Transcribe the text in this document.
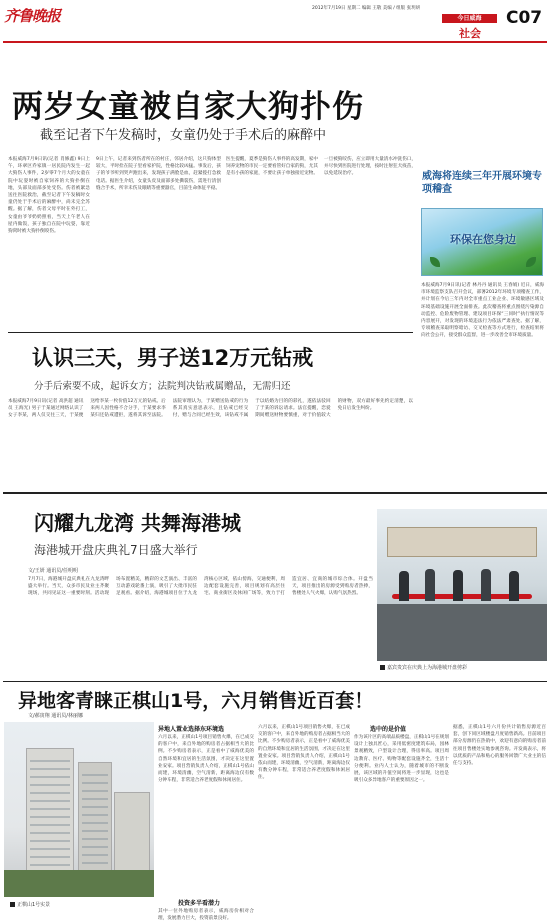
齐鲁晚报	2012年7月19日 星期二 编辑 王敬 美编 / 组版 张玥妍
今日威海
社会
C07
两岁女童被自家大狗扑伤
截至记者下午发稿时，女童仍处于手术后的麻醉中
本报威海7月9日讯(记者 肖修鑫) 9日上午，环翠区乔家镇一居民院内发生一起大狗伤人事件，2岁零7个月大的女童在院中玩耍时被自家饲养的大狗扑倒在地，头部及面部多处受伤。伤者被紧急送往医院救治，截至记者下午发稿时女童仍处于手术后的麻醉中，尚未完全苏醒。据了解，伤者父母平时在外打工，女童由爷爷奶奶照看，当天上午老人在屋内做饭，孩子独自在院中玩耍，靠近狗窝时被大狗扑倒咬伤。
9日上午，记者来到伤者所在的村庄，邻居介绍，这只狗体型较大，平时拴在院子里看家护院，性格比较凶猛。事发后，孩子的爷爷听到哭声跑出来，发现孩子满脸是血，赶紧拨打急救电话。据医生介绍，女童头皮及面部多处撕裂伤，需进行清创缝合手术，所幸未伤及眼睛等重要器官，目前生命体征平稳。
医生提醒，夏季是狗伤人事件的高发期，家中饲养宠物的市民一定要看管好自家的狗，尤其是有小孩的家庭，不要让孩子单独接近宠物。一旦被狗咬伤，应立即用大量清水冲洗伤口，并尽快到医院进行处理，按时注射狂犬疫苗，以免延误治疗。	威海将连续三年开展环境专项稽查
环保在您身边
本报威海7月9日讯(记者 林丹丹 通讯员 王春娟) 近日，威海市环境监察支队召开会议，部署2012年环境专项稽查工作，并计划在今后三年内对全市重点工业企业、环境敏感区域及环境基础设施开展全面排查。此次稽查将重点围绕污染源自动监控、危险废物管理、建设项目环保“三同时”执行情况等内容展开，对发现的环境违法行为依法严肃查处。据了解，专项稽查采取明察暗访、交叉检查等方式进行，检查结果将向社会公开，接受群众监督，进一步改善全市环境质量。
认识三天，男子送12万元钻戒
分手后索要不成，起诉女方；法院判决钻戒属赠品，无需归还
本报威海7月9日讯(记者 高洪超 通讯员 王海光) 男子于某通过网络认识了女子李某，两人仅交往三天，于某便送给李某一枚价值12万元的钻戒。后来两人因性格不合分手，于某要求李某归还钻戒遭拒，遂将其诉至法院。法院审理认为，于某赠送钻戒的行为系其真实意思表示，且钻戒已经交付，赠与合同已经生效，该钻戒不属于以结婚为目的的彩礼，遂依法驳回了于某的诉讼请求。法官提醒，恋爱期间赠送财物要慎重，对于价值较大的财物，双方最好事先约定清楚，以免日后发生纠纷。
闪耀九龙湾 共舞海港城
海港城开盘庆典礼7日盛大举行
文/王妍 通讯员/任明明
7月7日，海港城开盘庆典礼在九龙湾畔盛大举行。当天，众多市民及业主齐聚现场，共同见证这一重要时刻。活动现场布置精美，精彩的文艺演出、丰富的互动游戏轮番上演，吸引了大批市民驻足观看。据介绍，海港城项目位于九龙湾核心区域，依山傍海，交通便利，周边配套设施完善，项目规划有高层住宅、商业街区及休闲广场等，致力于打造宜居、宜商的城市综合体。开盘当天，项目推出的房源受到购房者热捧，售楼处人气火爆，认购气氛热烈。
嘉宾贵宾在庆典上为海港城开盘剪彩
异地客青睐正棋山1号，六月销售近百套！
文/郝寅翔 通讯员/林丽娜
正棋山1号实景
异地人置业选择东环境选
六月以来，正棋山1号项目销售火爆，在已成交的客户中，来自外地的购房者占据相当大的比例。不少购房者表示，正是看中了威海优美的自然环境和宜居的生活氛围，才决定在这里置业安家。项目营销负责人介绍，正棋山1号依山而建，环境清幽，空气清新，距离海边仅有数分钟车程，非常适合养老度假和休闲居住。
投资多半看潜力
其中一位外地购房者表示，威海房价相对合理，发展潜力巨大，投资前景良好。
六月以来，正棋山1号项目销售火爆，在已成交的客户中，来自外地的购房者占据相当大的比例。不少购房者表示，正是看中了威海优美的自然环境和宜居的生活氛围，才决定在这里置业安家。项目营销负责人介绍，正棋山1号依山而建，环境清幽，空气清新，距离海边仅有数分钟车程，非常适合养老度假和休闲居住。
选中的是价值
作为该片区的高端品质楼盘，正棋山1号在规划设计上独具匠心，采用低密度建筑布局，园林景观精致，户型设计合理，得房率高。项目周边教育、医疗、购物等配套设施齐全，生活十分便利。业内人士认为，随着城市的不断发展，该区域的升值空间将进一步显现，这也是吸引众多异地客户的重要原因之一。
据悉，正棋山1号六月份共计销售房源近百套，创下同区域楼盘月度销售新高。目前项目部分房源仍在热销中，欢迎有意向的购房者前往项目售楼处实地参观咨询。开发商表示，将以优质的产品和贴心的服务回馈广大业主的信任与支持。
